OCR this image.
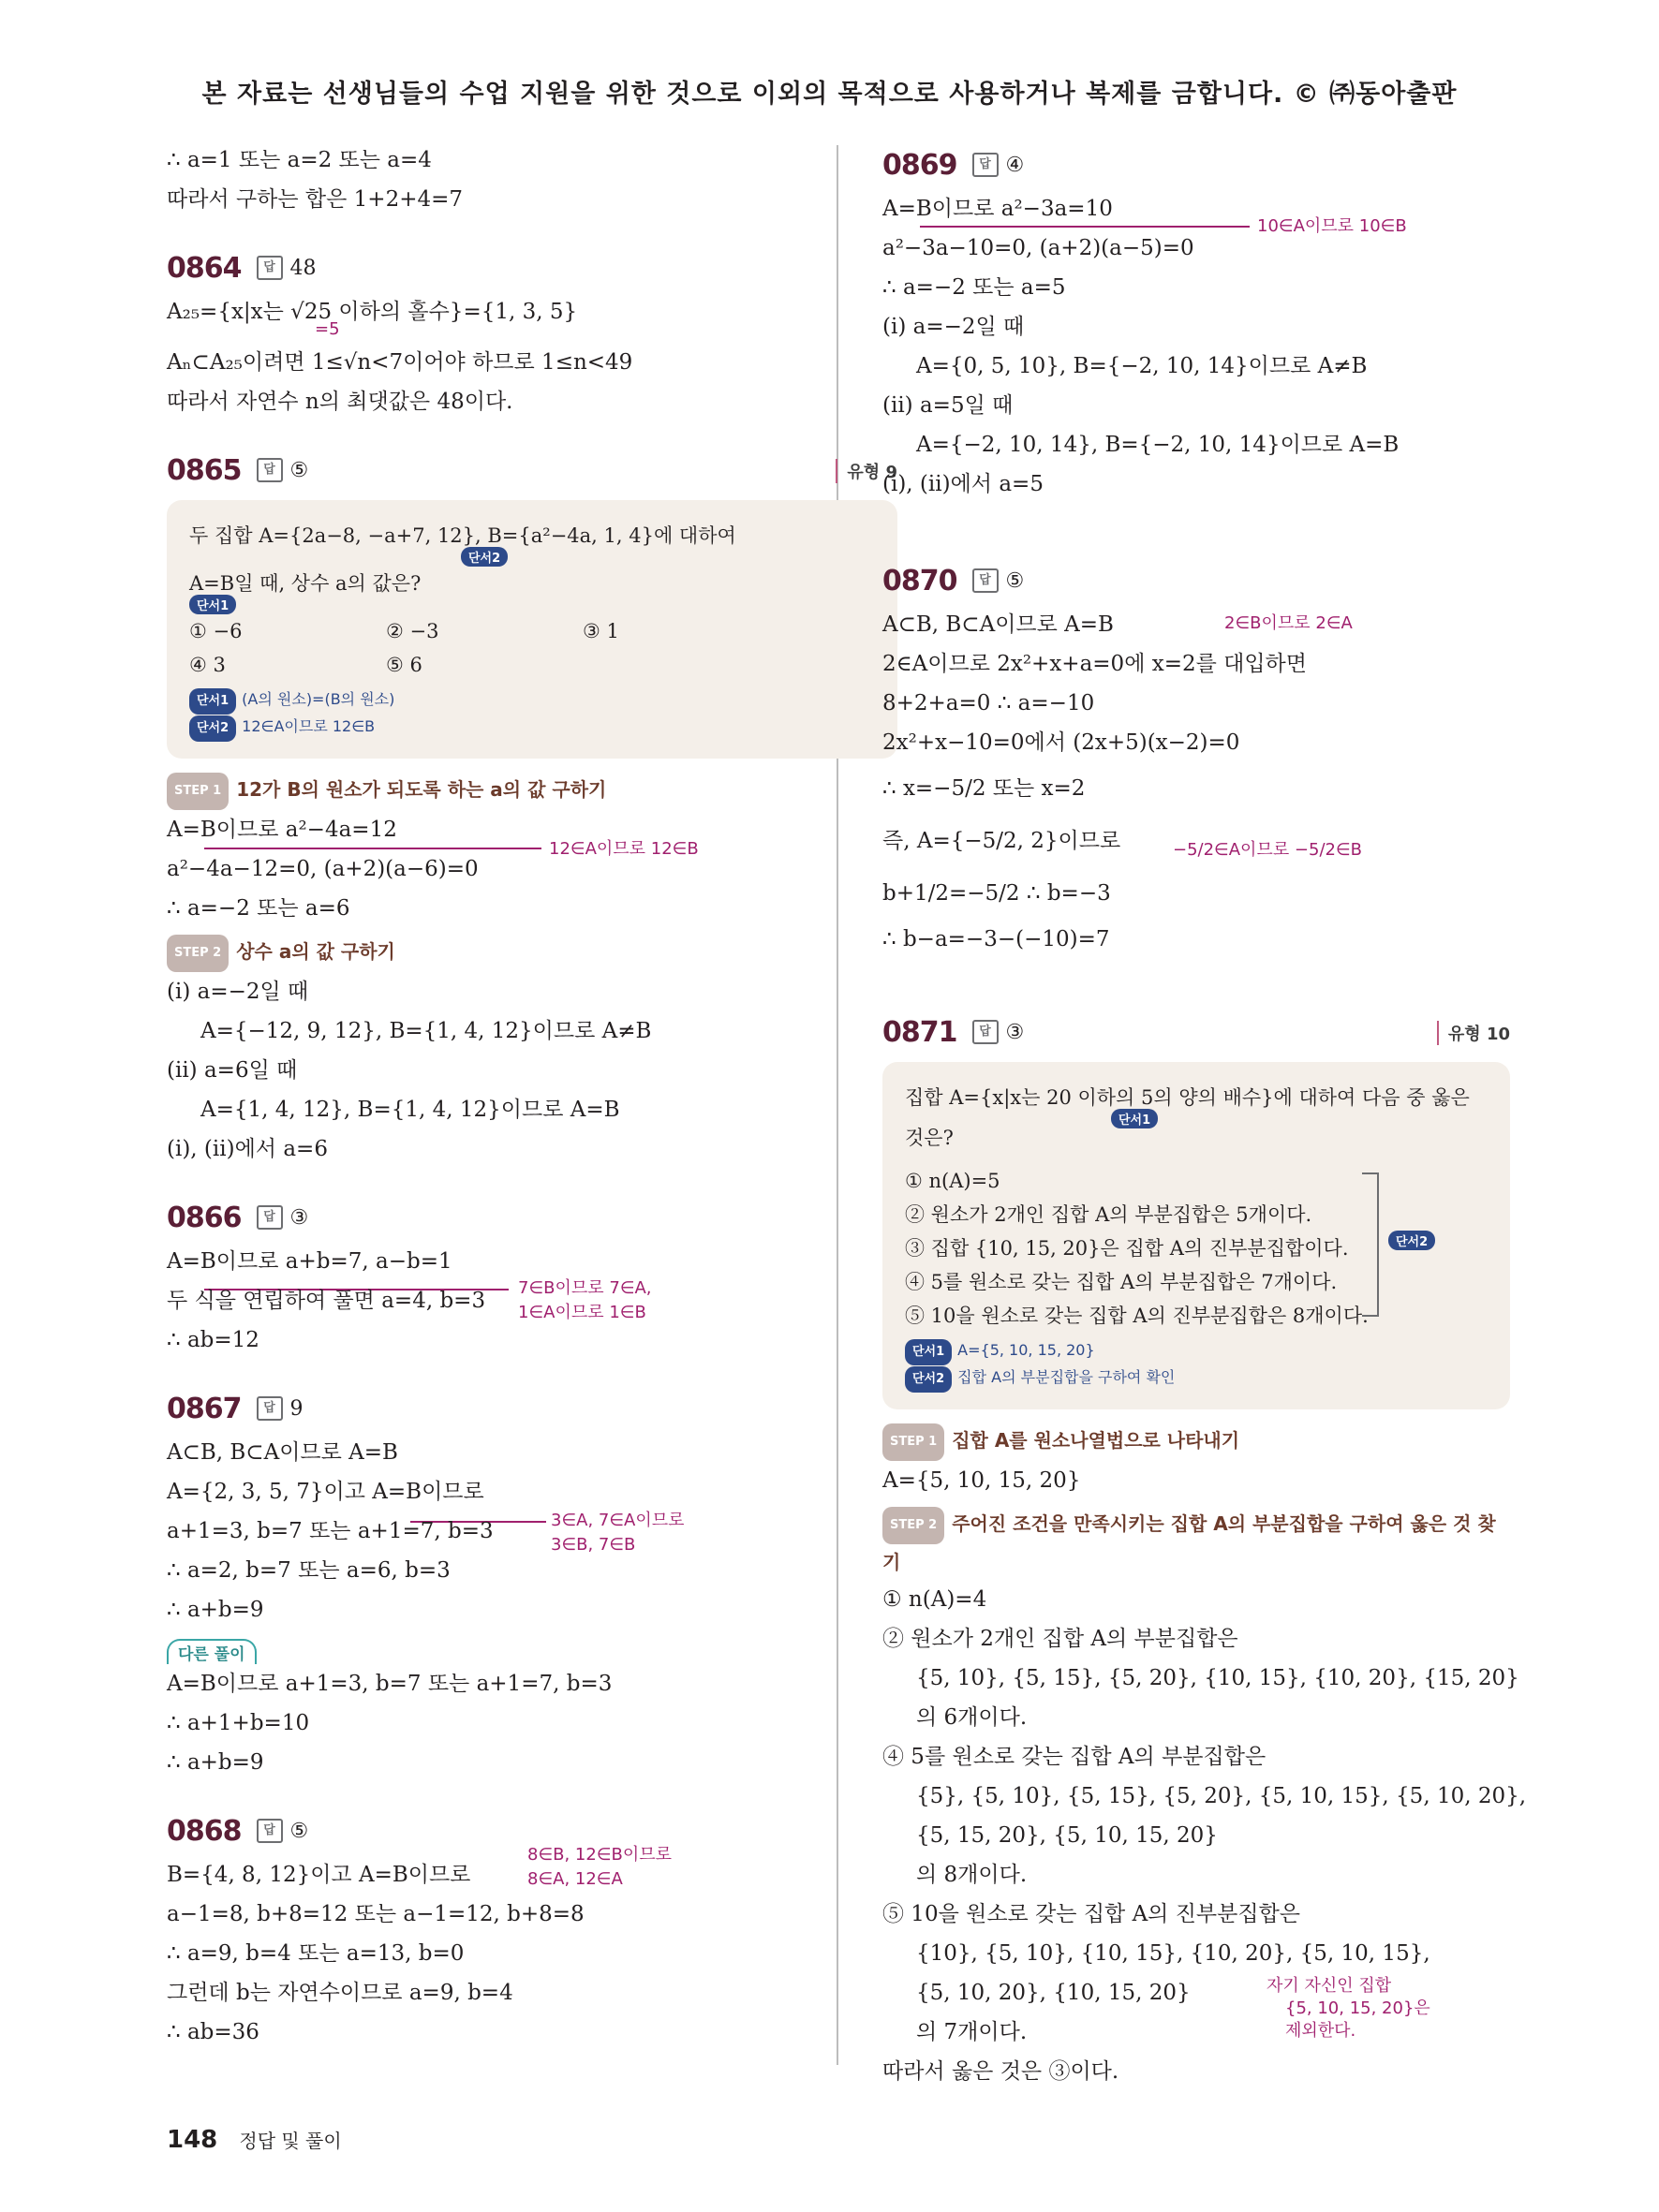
본 자료는 선생님들의 수업 지원을 위한 것으로 이외의 목적으로 사용하거나 복제를 금합니다. © ㈜동아출판
∴ a=1 또는 a=2 또는 a=4
따라서 구하는 합은 1+2+4=7
0864	답 48
A₂₅={x|x는 √25 이하의 홀수}={1, 3, 5}
=5
Aₙ⊂A₂₅이려면 1≤√n<7이어야 하므로 1≤n<49
따라서 자연수 n의 최댓값은 48이다.
0865	답 ⑤	유형 9
두 집합 A={2a−8, −a+7, 12}, B={a²−4a, 1, 4}에 대하여
단서2
A=B일 때, 상수 a의 값은?
단서1
① −6	② −3	③ 1
④ 3	⑤ 6
단서1 (A의 원소)=(B의 원소)
단서2 12∈A이므로 12∈B
STEP 1 12가 B의 원소가 되도록 하는 a의 값 구하기
A=B이므로 a²−4a=12
12∈A이므로 12∈B
a²−4a−12=0, (a+2)(a−6)=0
∴ a=−2 또는 a=6
STEP 2 상수 a의 값 구하기
(i) a=−2일 때
A={−12, 9, 12}, B={1, 4, 12}이므로 A≠B
(ii) a=6일 때
A={1, 4, 12}, B={1, 4, 12}이므로 A=B
(i), (ii)에서 a=6
0866	답 ③
A=B이므로 a+b=7, a−b=1
7∈B이므로 7∈A,
1∈A이므로 1∈B
두 식을 연립하여 풀면 a=4, b=3
∴ ab=12
0867	답 9
A⊂B, B⊂A이므로 A=B
A={2, 3, 5, 7}이고 A=B이므로
3∈A, 7∈A이므로
3∈B, 7∈B
a+1=3, b=7 또는 a+1=7, b=3
∴ a=2, b=7 또는 a=6, b=3
∴ a+b=9
다른 풀이
A=B이므로 a+1=3, b=7 또는 a+1=7, b=3
∴ a+1+b=10
∴ a+b=9
0868	답 ⑤
8∈B, 12∈B이므로
8∈A, 12∈A
B={4, 8, 12}이고 A=B이므로
a−1=8, b+8=12 또는 a−1=12, b+8=8
∴ a=9, b=4 또는 a=13, b=0
그런데 b는 자연수이므로 a=9, b=4
∴ ab=36
0869	답 ④
A=B이므로 a²−3a=10
10∈A이므로 10∈B
a²−3a−10=0, (a+2)(a−5)=0
∴ a=−2 또는 a=5
(i) a=−2일 때
A={0, 5, 10}, B={−2, 10, 14}이므로 A≠B
(ii) a=5일 때
A={−2, 10, 14}, B={−2, 10, 14}이므로 A=B
(i), (ii)에서 a=5
0870	답 ⑤
A⊂B, B⊂A이므로 A=B	2∈B이므로 2∈A
2∈A이므로 2x²+x+a=0에 x=2를 대입하면
8+2+a=0 ∴ a=−10
2x²+x−10=0에서 (2x+5)(x−2)=0
∴ x=−5/2 또는 x=2
즉, A={−5/2, 2}이므로	−5/2∈A이므로 −5/2∈B
b+1/2=−5/2 ∴ b=−3
∴ b−a=−3−(−10)=7
0871	답 ③	유형 10
집합 A={x|x는 20 이하의 5의 양의 배수}에 대하여 다음 중 옳은
단서1
것은?
① n(A)=5
② 원소가 2개인 집합 A의 부분집합은 5개이다.
③ 집합 {10, 15, 20}은 집합 A의 진부분집합이다.
④ 5를 원소로 갖는 집합 A의 부분집합은 7개이다.
⑤ 10을 원소로 갖는 집합 A의 진부분집합은 8개이다.
단서2
단서1 A={5, 10, 15, 20}
단서2 집합 A의 부분집합을 구하여 확인
STEP 1 집합 A를 원소나열법으로 나타내기
A={5, 10, 15, 20}
STEP 2 주어진 조건을 만족시키는 집합 A의 부분집합을 구하여 옳은 것 찾기
① n(A)=4
② 원소가 2개인 집합 A의 부분집합은
{5, 10}, {5, 15}, {5, 20}, {10, 15}, {10, 20}, {15, 20}
의 6개이다.
④ 5를 원소로 갖는 집합 A의 부분집합은
{5}, {5, 10}, {5, 15}, {5, 20}, {5, 10, 15}, {5, 10, 20},
{5, 15, 20}, {5, 10, 15, 20}
의 8개이다.
⑤ 10을 원소로 갖는 집합 A의 진부분집합은
{10}, {5, 10}, {10, 15}, {10, 20}, {5, 10, 15},
자기 자신인 집합
{5, 10, 15, 20}은
제외한다.
{5, 10, 20}, {10, 15, 20}
의 7개이다.
따라서 옳은 것은 ③이다.
148 정답 및 풀이
